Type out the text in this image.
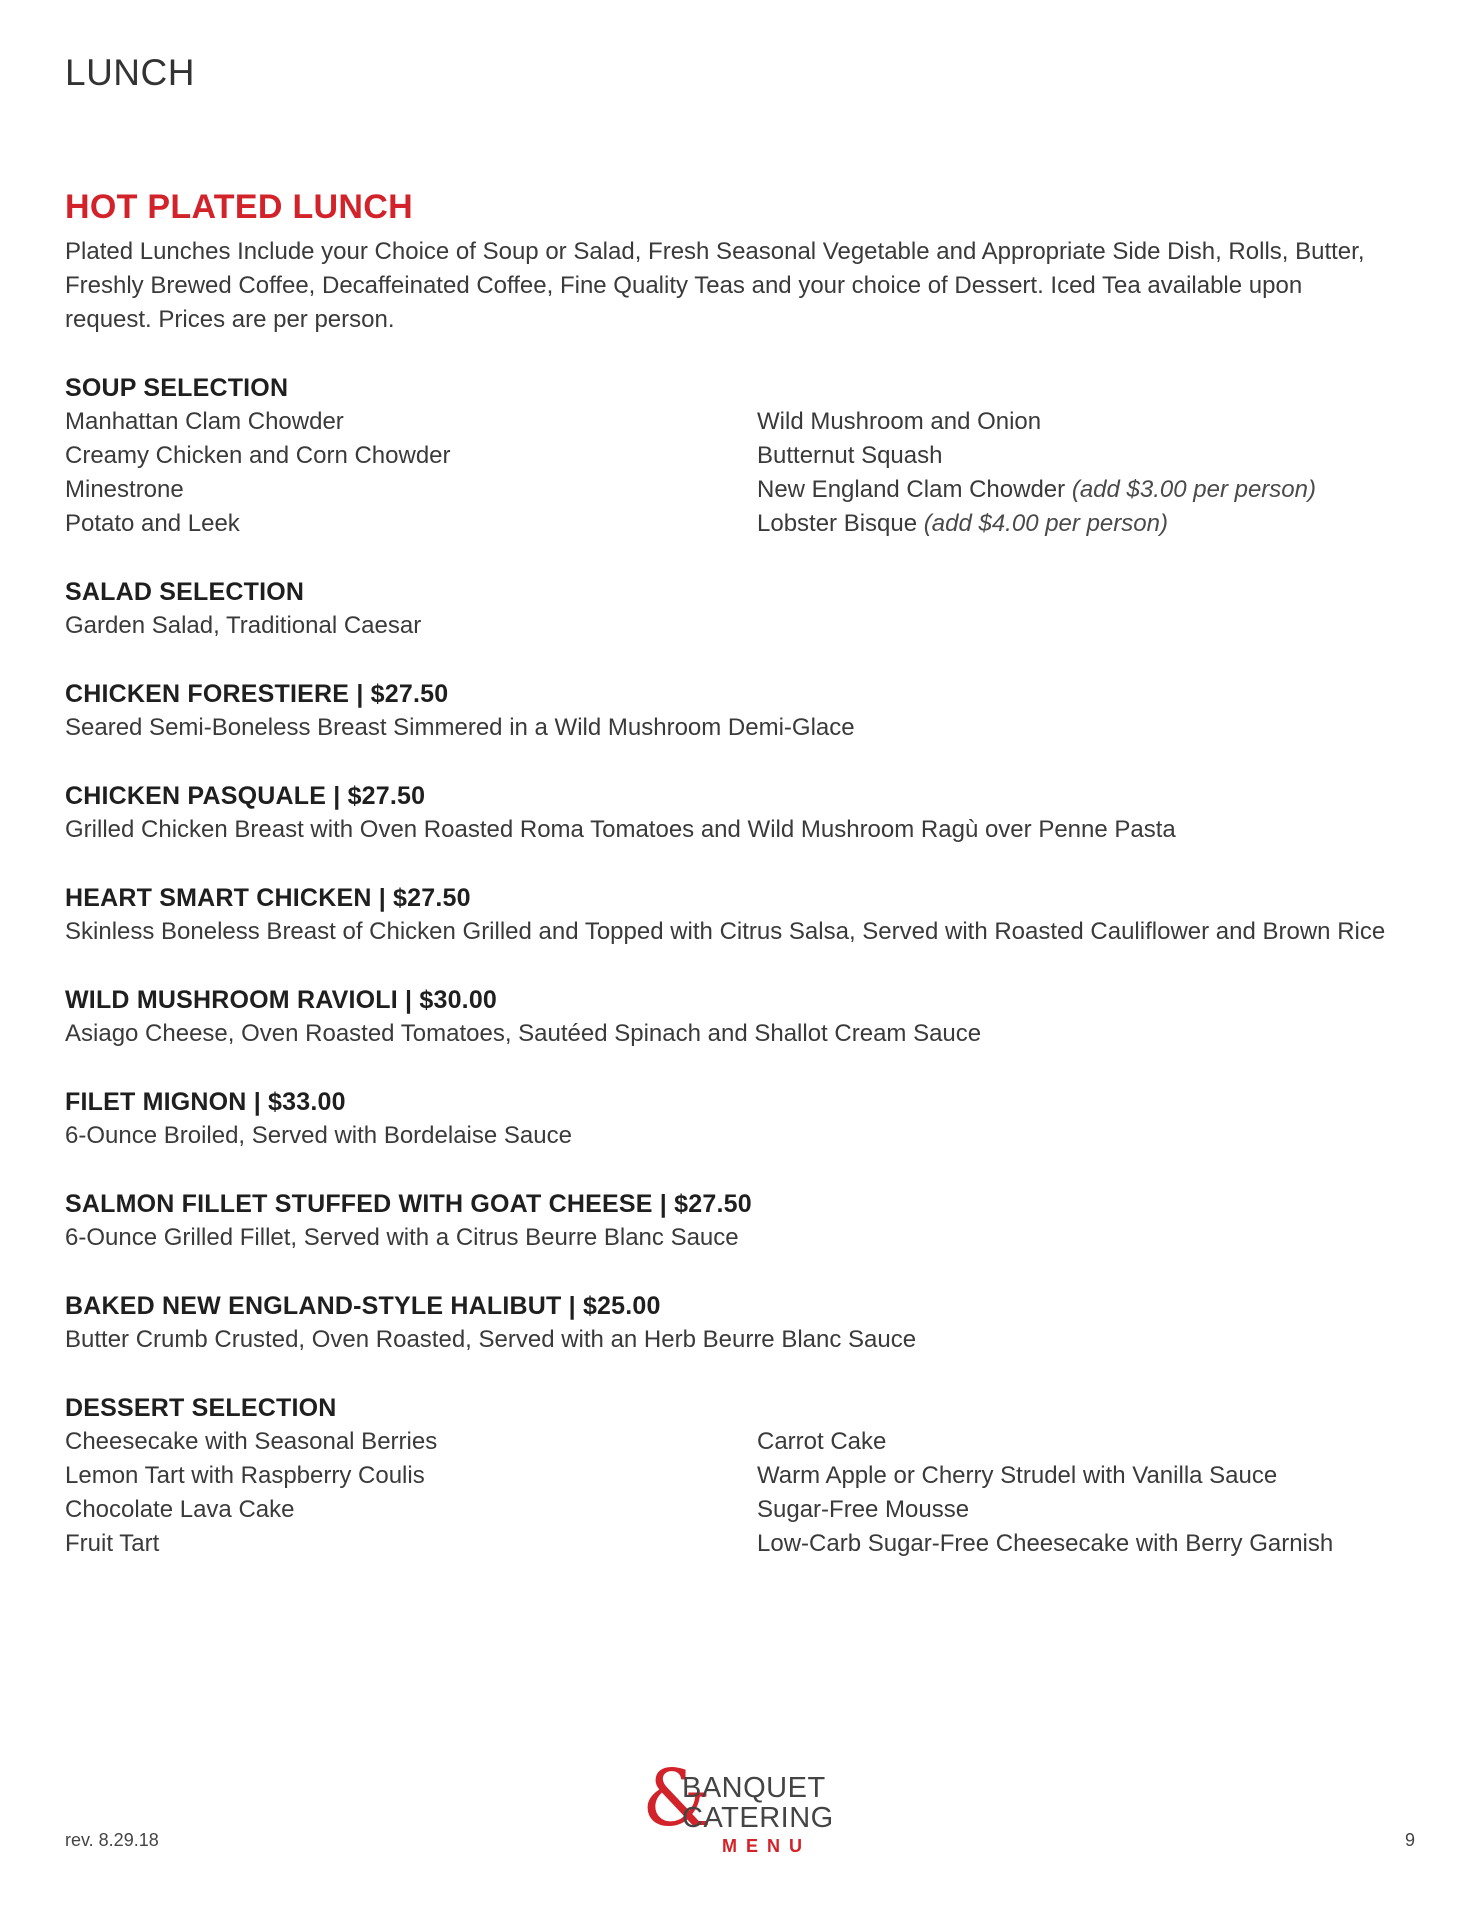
LUNCH
HOT PLATED LUNCH

Plated Lunches Include your Choice of Soup or Salad, Fresh Seasonal Vegetable and Appropriate Side Dish, Rolls, Butter, Freshly Brewed Coffee, Decaffeinated Coffee, Fine Quality Teas and your choice of Dessert. Iced Tea available upon request. Prices are per person.

SOUP SELECTION
Manhattan Clam Chowder
Creamy Chicken and Corn Chowder
Minestrone
Potato and Leek
Wild Mushroom and Onion
Butternut Squash
New England Clam Chowder (add $3.00 per person)
Lobster Bisque (add $4.00 per person)
SALAD SELECTION
Garden Salad, Traditional Caesar
CHICKEN FORESTIERE | $27.50
Seared Semi-Boneless Breast Simmered in a Wild Mushroom Demi-Glace
CHICKEN PASQUALE | $27.50
Grilled Chicken Breast with Oven Roasted Roma Tomatoes and Wild Mushroom Ragù over Penne Pasta
HEART SMART CHICKEN | $27.50
Skinless Boneless Breast of Chicken Grilled and Topped with Citrus Salsa, Served with Roasted Cauliflower and Brown Rice
WILD MUSHROOM RAVIOLI | $30.00
Asiago Cheese, Oven Roasted Tomatoes, Sautéed Spinach and Shallot Cream Sauce
FILET MIGNON | $33.00
6-Ounce Broiled, Served with Bordelaise Sauce
SALMON FILLET STUFFED WITH GOAT CHEESE | $27.50
6-Ounce Grilled Fillet, Served with a Citrus Beurre Blanc Sauce
BAKED NEW ENGLAND-STYLE HALIBUT | $25.00
Butter Crumb Crusted, Oven Roasted, Served with an Herb Beurre Blanc Sauce
DESSERT SELECTION
Cheesecake with Seasonal Berries
Lemon Tart with Raspberry Coulis
Chocolate Lava Cake
Fruit Tart
Carrot Cake
Warm Apple or Cherry Strudel with Vanilla Sauce
Sugar-Free Mousse
Low-Carb Sugar-Free Cheesecake with Berry Garnish
rev. 8.29.18	&
BANQUET
CATERING
MENU	9
